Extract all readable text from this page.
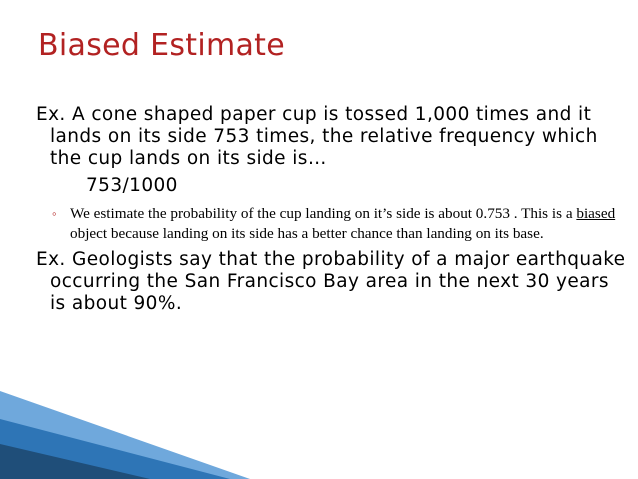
Biased Estimate
Ex. A cone shaped paper cup is tossed 1,000 times and it lands on its side 753 times, the relative frequency which the cup lands on its side is…
753/1000
◦ We estimate the probability of the cup landing on it’s side is about 0.753 . This is a biased object because landing on its side has a better chance than landing on its base.
Ex. Geologists say that the probability of a major earthquake occurring the San Francisco Bay area in the next 30 years is about 90%.
